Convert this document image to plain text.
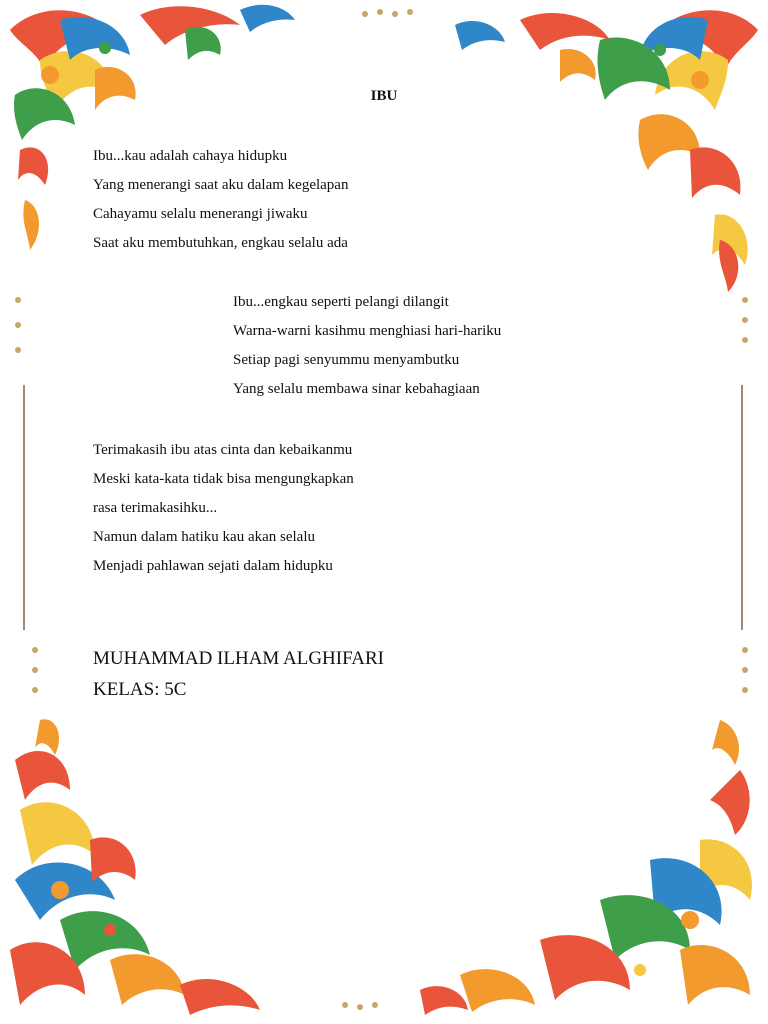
IBU
Ibu...kau adalah cahaya hidupku
Yang menerangi saat aku dalam kegelapan
Cahayamu selalu menerangi jiwaku
Saat aku membutuhkan, engkau selalu ada
Ibu...engkau seperti pelangi dilangit
Warna-warni kasihmu menghiasi hari-hariku
Setiap pagi senyummu menyambutku
Yang selalu membawa sinar kebahagiaan
Terimakasih ibu atas cinta dan kebaikanmu
Meski kata-kata tidak bisa mengungkapkan
rasa terimakasihku...
Namun dalam hatiku kau akan selalu
Menjadi pahlawan sejati dalam hidupku
MUHAMMAD ILHAM ALGHIFARI
KELAS: 5C
